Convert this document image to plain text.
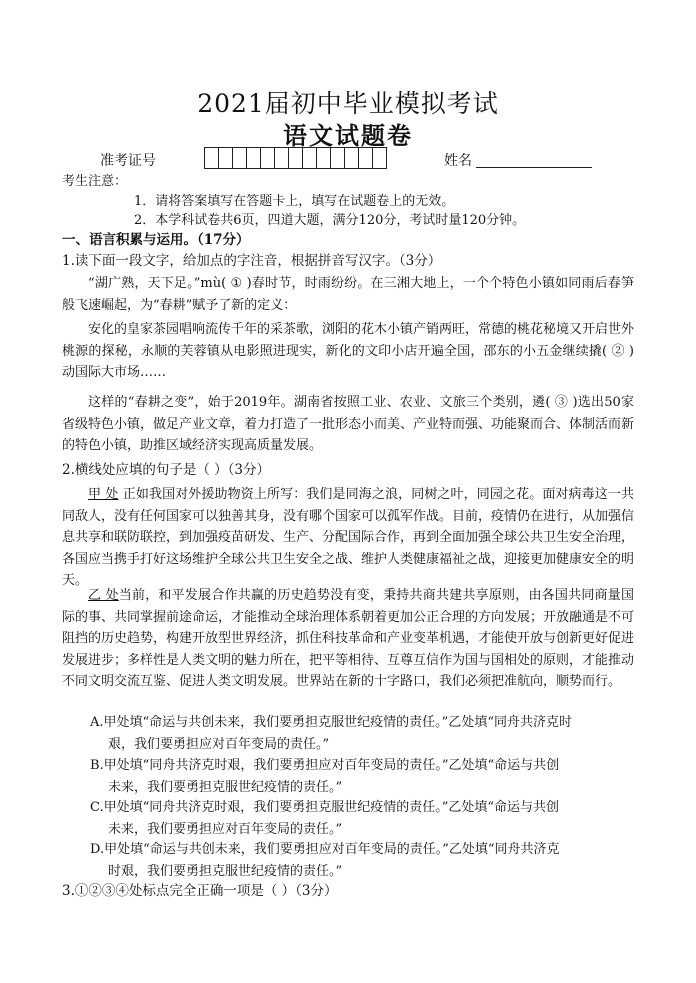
2021届初中毕业模拟考试
语文试题卷
准考证号	姓名

考生注意：

1．请将答案填写在答题卡上，填写在试题卷上的无效。

2．本学科试卷共6页，四道大题，满分120分，考试时量120分钟。

一、语言积累与运用。（17分）

1.读下面一段文字，给加点的字注音，根据拼音写汉字。（3分）

“湖广熟，天下足。”mù( ① )春时节，时雨纷纷。在三湘大地上，一个个特色小镇如同雨后春笋般飞速崛起，为“春耕”赋予了新的定义：

安化的皇家茶园唱响流传千年的采茶歌，浏阳的花木小镇产销两旺，常德的桃花秘境又开启世外桃源的探秘，永顺的芙蓉镇从电影照进现实，新化的文印小店开遍全国，邵东的小五金继续撬( ② )动国际大市场……

这样的“春耕之变”，始于2019年。湖南省按照工业、农业、文旅三个类别，遴( ③ )选出50家省级特色小镇，做足产业文章，着力打造了一批形态小而美、产业特而强、功能聚而合、体制活而新的特色小镇，助推区域经济实现高质量发展。

2.横线处应填的句子是（ ）（3分）

甲 处 正如我国对外援助物资上所写：我们是同海之浪，同树之叶，同园之花。面对病毒这一共同敌人，没有任何国家可以独善其身，没有哪个国家可以孤军作战。目前，疫情仍在进行，从加强信息共享和联防联控，到加强疫苗研发、生产、分配国际合作，再到全面加强全球公共卫生安全治理，各国应当携手打好这场维护全球公共卫生安全之战、维护人类健康福祉之战，迎接更加健康安全的明天。

乙 处当前，和平发展合作共赢的历史趋势没有变，秉持共商共建共享原则，由各国共同商量国际的事、共同掌握前途命运，才能推动全球治理体系朝着更加公正合理的方向发展；开放融通是不可阻挡的历史趋势，构建开放型世界经济，抓住科技革命和产业变革机遇，才能使开放与创新更好促进发展进步；多样性是人类文明的魅力所在，把平等相待、互尊互信作为国与国相处的原则，才能推动不同文明交流互鉴、促进人类文明发展。世界站在新的十字路口，我们必须把准航向，顺势而行。

A.甲处填“命运与共创未来，我们要勇担克服世纪疫情的责任。”乙处填“同舟共济克时
艰，我们要勇担应对百年变局的责任。”

B.甲处填“同舟共济克时艰，我们要勇担应对百年变局的责任。”乙处填“命运与共创
未来，我们要勇担克服世纪疫情的责任。”

C.甲处填“同舟共济克时艰，我们要勇担克服世纪疫情的责任。”乙处填“命运与共创
未来，我们要勇担应对百年变局的责任。”

D.甲处填“命运与共创未来，我们要勇担应对百年变局的责任。”乙处填“同舟共济克
时艰，我们要勇担克服世纪疫情的责任。”

3.①②③④处标点完全正确一项是（ ）（3分）
